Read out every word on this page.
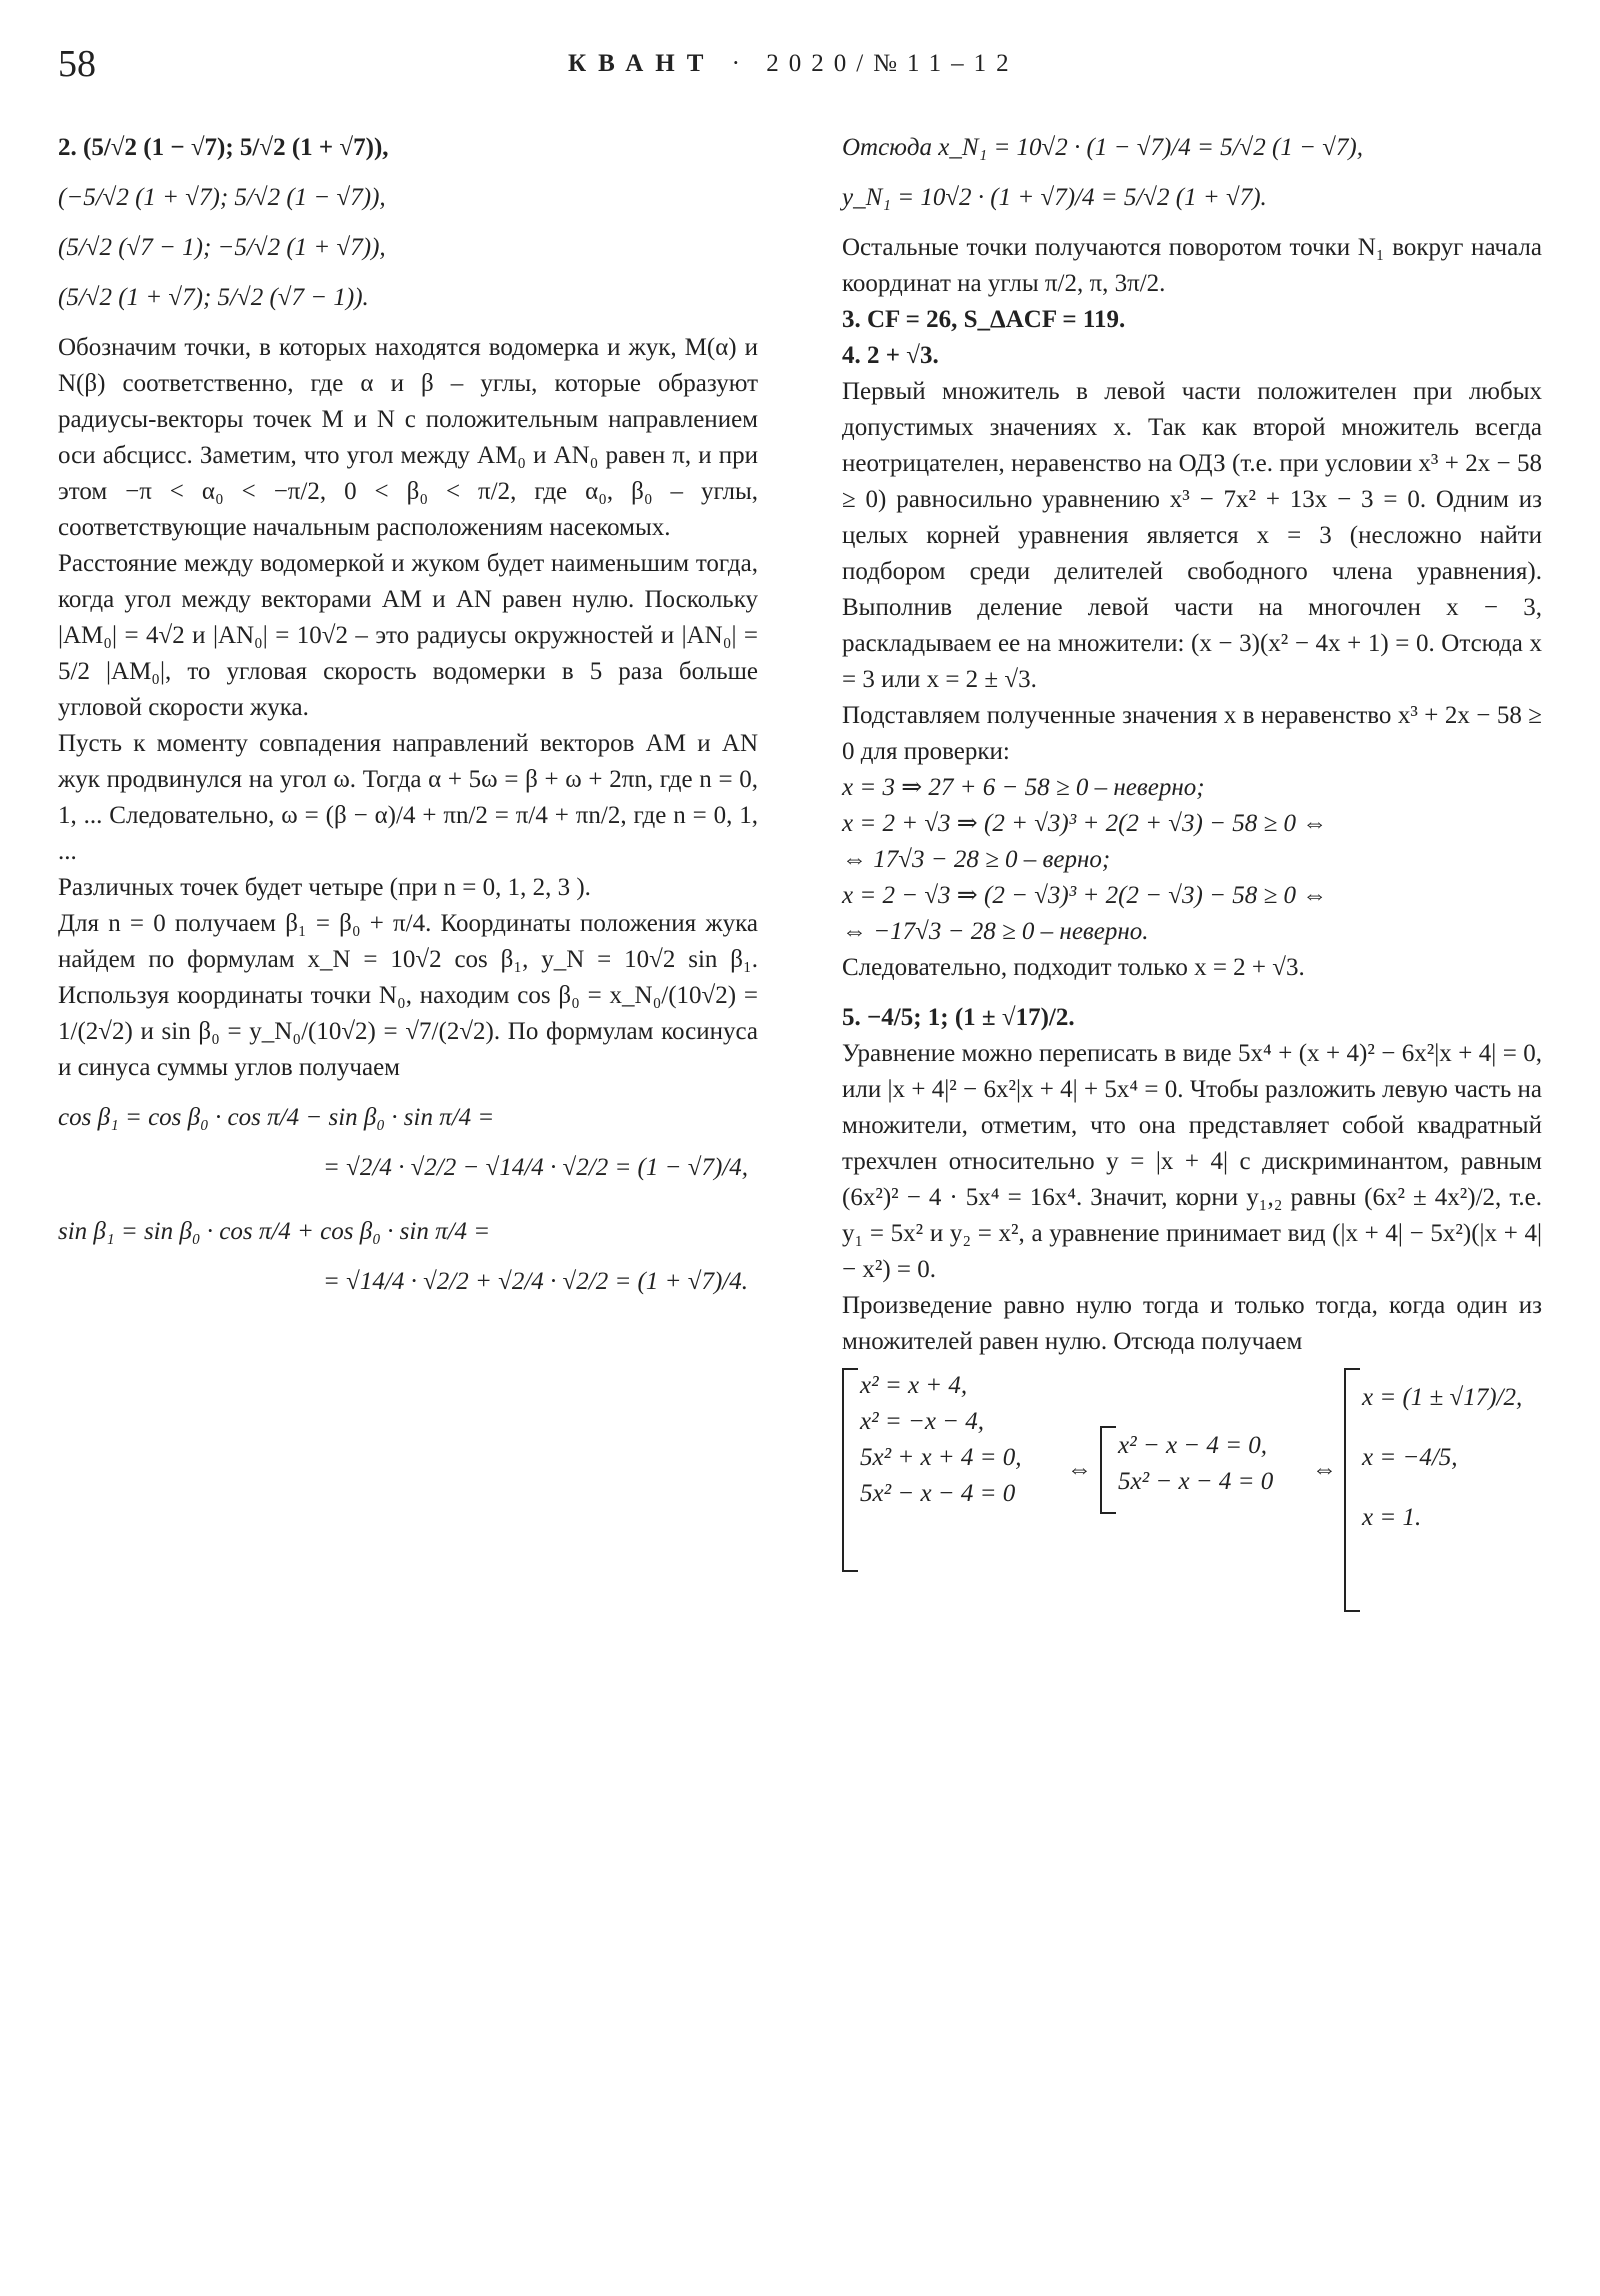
58	КВАНТ · 2020/№11–12

2. (5/√2 (1 − √7); 5/√2 (1 + √7)),

(−5/√2 (1 + √7); 5/√2 (1 − √7)),

(5/√2 (√7 − 1); −5/√2 (1 + √7)),

(5/√2 (1 + √7); 5/√2 (√7 − 1)).

Обозначим точки, в которых находятся водомерка и жук, M(α) и N(β) соответственно, где α и β – углы, которые образуют радиусы-векторы точек M и N с положительным направлением оси абсцисс. Заметим, что угол между AM₀ и AN₀ равен π, и при этом −π < α₀ < −π/2, 0 < β₀ < π/2, где α₀, β₀ – углы, соответствующие начальным расположениям насекомых.

Расстояние между водомеркой и жуком будет наименьшим тогда, когда угол между векторами AM и AN равен нулю. Поскольку |AM₀| = 4√2 и |AN₀| = 10√2 – это радиусы окружностей и |AN₀| = 5/2 |AM₀|, то угловая скорость водомерки в 5 раза больше угловой скорости жука.

Пусть к моменту совпадения направлений векторов AM и AN жук продвинулся на угол ω. Тогда α + 5ω = β + ω + 2πn, где n = 0, 1, ... Следовательно, ω = (β − α)/4 + πn/2 = π/4 + πn/2, где n = 0, 1, ...

Различных точек будет четыре (при n = 0, 1, 2, 3 ).

Для n = 0 получаем β₁ = β₀ + π/4. Координаты положения жука найдем по формулам x_N = 10√2 cos β₁, y_N = 10√2 sin β₁. Используя координаты точки N₀, находим cos β₀ = x_N₀/(10√2) = 1/(2√2) и sin β₀ = y_N₀/(10√2) = √7/(2√2). По формулам косинуса и синуса суммы углов получаем

cos β₁ = cos β₀ · cos π/4 − sin β₀ · sin π/4 =

= √2/4 · √2/2 − √14/4 · √2/2 = (1 − √7)/4,

sin β₁ = sin β₀ · cos π/4 + cos β₀ · sin π/4 =

= √14/4 · √2/2 + √2/4 · √2/2 = (1 + √7)/4.

Отсюда x_N₁ = 10√2 · (1 − √7)/4 = 5/√2 (1 − √7),

y_N₁ = 10√2 · (1 + √7)/4 = 5/√2 (1 + √7).

Остальные точки получаются поворотом точки N₁ вокруг начала координат на углы π/2, π, 3π/2.

3. CF = 26, S_ΔACF = 119.

4. 2 + √3.

Первый множитель в левой части положителен при любых допустимых значениях x. Так как второй множитель всегда неотрицателен, неравенство на ОДЗ (т.е. при условии x³ + 2x − 58 ≥ 0) равносильно уравнению x³ − 7x² + 13x − 3 = 0. Одним из целых корней уравнения является x = 3 (несложно найти подбором среди делителей свободного члена уравнения). Выполнив деление левой части на многочлен x − 3, раскладываем ее на множители: (x − 3)(x² − 4x + 1) = 0. Отсюда x = 3 или x = 2 ± √3.

Подставляем полученные значения x в неравенство x³ + 2x − 58 ≥ 0 для проверки:

x = 3 ⇒ 27 + 6 − 58 ≥ 0 – неверно;

x = 2 + √3 ⇒ (2 + √3)³ + 2(2 + √3) − 58 ≥ 0 ⇔

⇔ 17√3 − 28 ≥ 0 – верно;

x = 2 − √3 ⇒ (2 − √3)³ + 2(2 − √3) − 58 ≥ 0 ⇔

⇔ −17√3 − 28 ≥ 0 – неверно.

Следовательно, подходит только x = 2 + √3.

5. −4/5; 1; (1 ± √17)/2.

Уравнение можно переписать в виде 5x⁴ + (x + 4)² − 6x²|x + 4| = 0, или |x + 4|² − 6x²|x + 4| + 5x⁴ = 0. Чтобы разложить левую часть на множители, отметим, что она представляет собой квадратный трехчлен относительно y = |x + 4| с дискриминантом, равным (6x²)² − 4 · 5x⁴ = 16x⁴. Значит, корни y₁,₂ равны (6x² ± 4x²)/2, т.е. y₁ = 5x² и y₂ = x², а уравнение принимает вид (|x + 4| − 5x²)(|x + 4| − x²) = 0.

Произведение равно нулю тогда и только тогда, когда один из множителей равен нулю. Отсюда получаем

x² = x + 4,
x² = −x − 4,
5x² + x + 4 = 0,
5x² − x − 4 = 0
⇔
x² − x − 4 = 0,
5x² − x − 4 = 0 ⇔
x = (1 ± √17)/2,
x = −4/5,
x = 1.
